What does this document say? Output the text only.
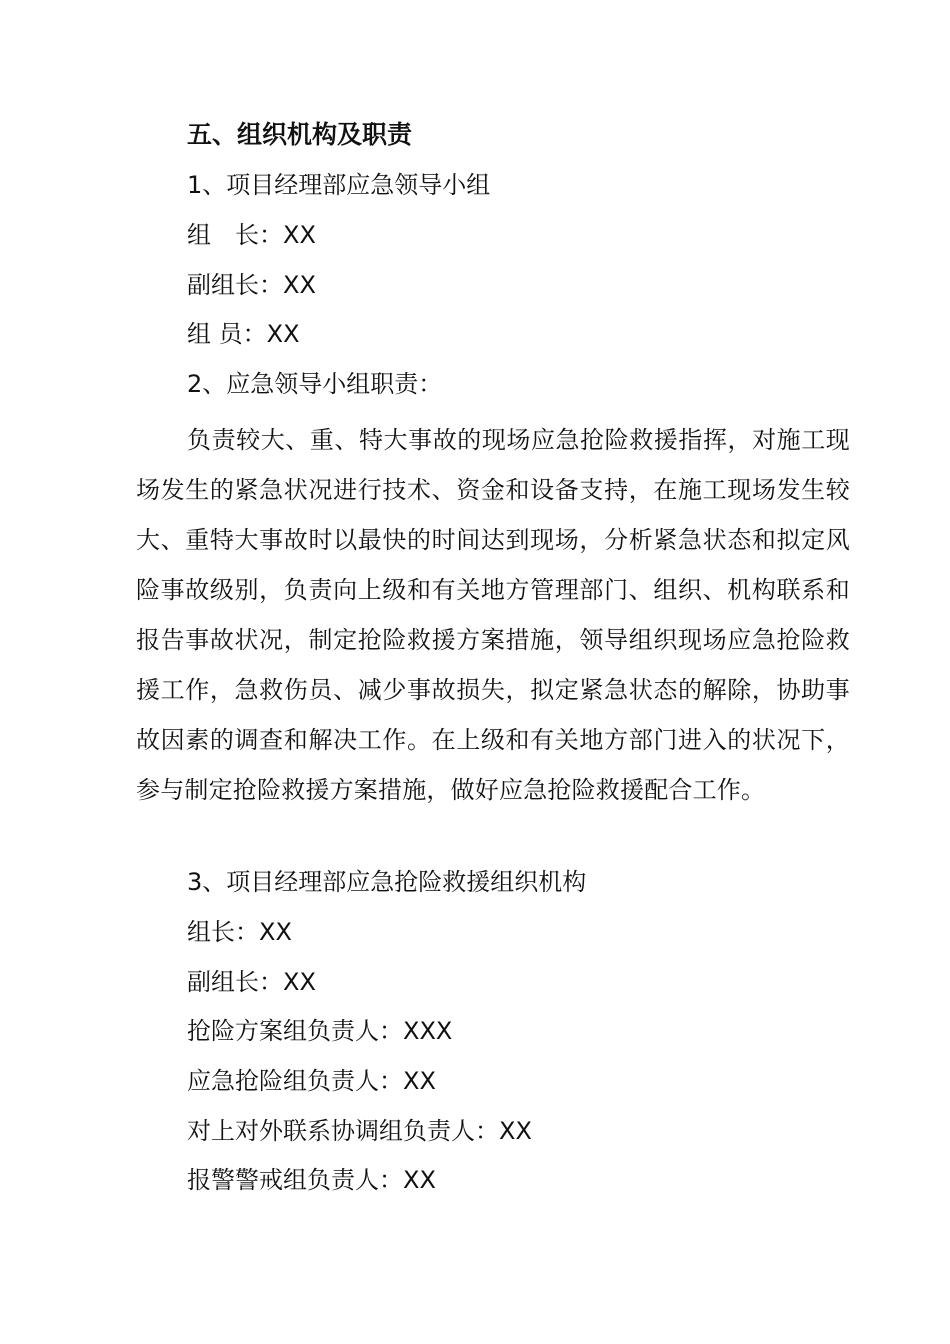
五、组织机构及职责
1、项目经理部应急领导小组
组　长：XX
副组长：XX
组 员：XX
2、应急领导小组职责：
负责较大、重、特大事故的现场应急抢险救援指挥，对施工现场发生的紧急状况进行技术、资金和设备支持，在施工现场发生较大、重特大事故时以最快的时间达到现场，分析紧急状态和拟定风险事故级别，负责向上级和有关地方管理部门、组织、机构联系和报告事故状况，制定抢险救援方案措施，领导组织现场应急抢险救援工作，急救伤员、减少事故损失，拟定紧急状态的解除，协助事故因素的调查和解决工作。在上级和有关地方部门进入的状况下，参与制定抢险救援方案措施，做好应急抢险救援配合工作。
3、项目经理部应急抢险救援组织机构
组长：XX
副组长：XX
抢险方案组负责人：XXX
应急抢险组负责人：XX
对上对外联系协调组负责人：XX
报警警戒组负责人：XX
